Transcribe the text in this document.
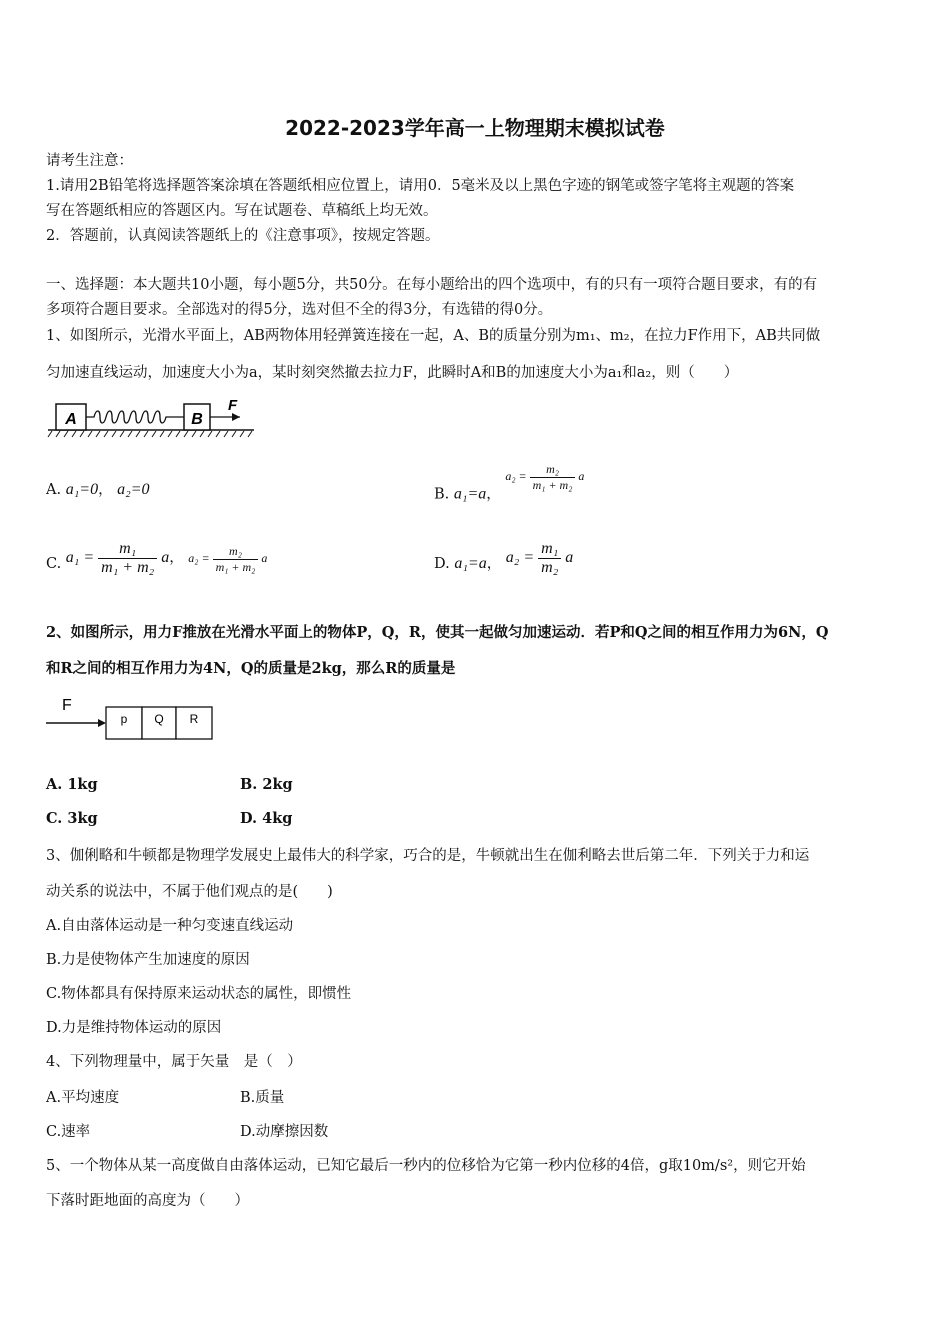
2022-2023学年高一上物理期末模拟试卷
请考生注意：
1.请用2B铅笔将选择题答案涂填在答题纸相应位置上，请用0．5毫米及以上黑色字迹的钢笔或签字笔将主观题的答案
写在答题纸相应的答题区内。写在试题卷、草稿纸上均无效。
2．答题前，认真阅读答题纸上的《注意事项》，按规定答题。
一、选择题：本大题共10小题，每小题5分，共50分。在每小题给出的四个选项中，有的只有一项符合题目要求，有的有
多项符合题目要求。全部选对的得5分，选对但不全的得3分，有选错的得0分。
1、如图所示，光滑水平面上，AB两物体用轻弹簧连接在一起，A、B的质量分别为m₁、m₂，在拉力F作用下，AB共同做
匀加速直线运动，加速度大小为a，某时刻突然撤去拉力F，此瞬时A和B的加速度大小为a₁和a₂，则（　　）
A	B
F
A. a₁=0， a₂=0	B. a₁=a， $a_2 = \frac{\text{m₂}}{\text{m₁ + m₂}}$ a
C. $a_1 = \frac{\text{m₁}}{\text{m₁ + m₂}}$ a， $a_2 = \frac{\text{m₂}}{\text{m₁ + m₂}}$ a	D. a₁=a， $a_2 = \frac{\text{m₁}}{\text{m₂}}$ a
2、如图所示，用力F推放在光滑水平面上的物体P，Q，R，使其一起做匀加速运动．若P和Q之间的相互作用力为6N，Q
和R之间的相互作用力为4N，Q的质量是2kg，那么R的质量是
F
p Q R
A. 1kg	B. 2kg
C. 3kg	D. 4kg
3、伽俐略和牛顿都是物理学发展史上最伟大的科学家，巧合的是，牛顿就出生在伽利略去世后第二年．下列关于力和运
动关系的说法中，不属于他们观点的是(　　)
A.自由落体运动是一种匀变速直线运动
B.力是使物体产生加速度的原因
C.物体都具有保持原来运动状态的属性，即惯性
D.力是维持物体运动的原因
4、下列物理量中，属于矢量　是（　）
A.平均速度	B.质量
C.速率	D.动摩擦因数
5、一个物体从某一高度做自由落体运动，已知它最后一秒内的位移恰为它第一秒内位移的4倍，g取10m/s²，则它开始
下落时距地面的高度为（　　）
